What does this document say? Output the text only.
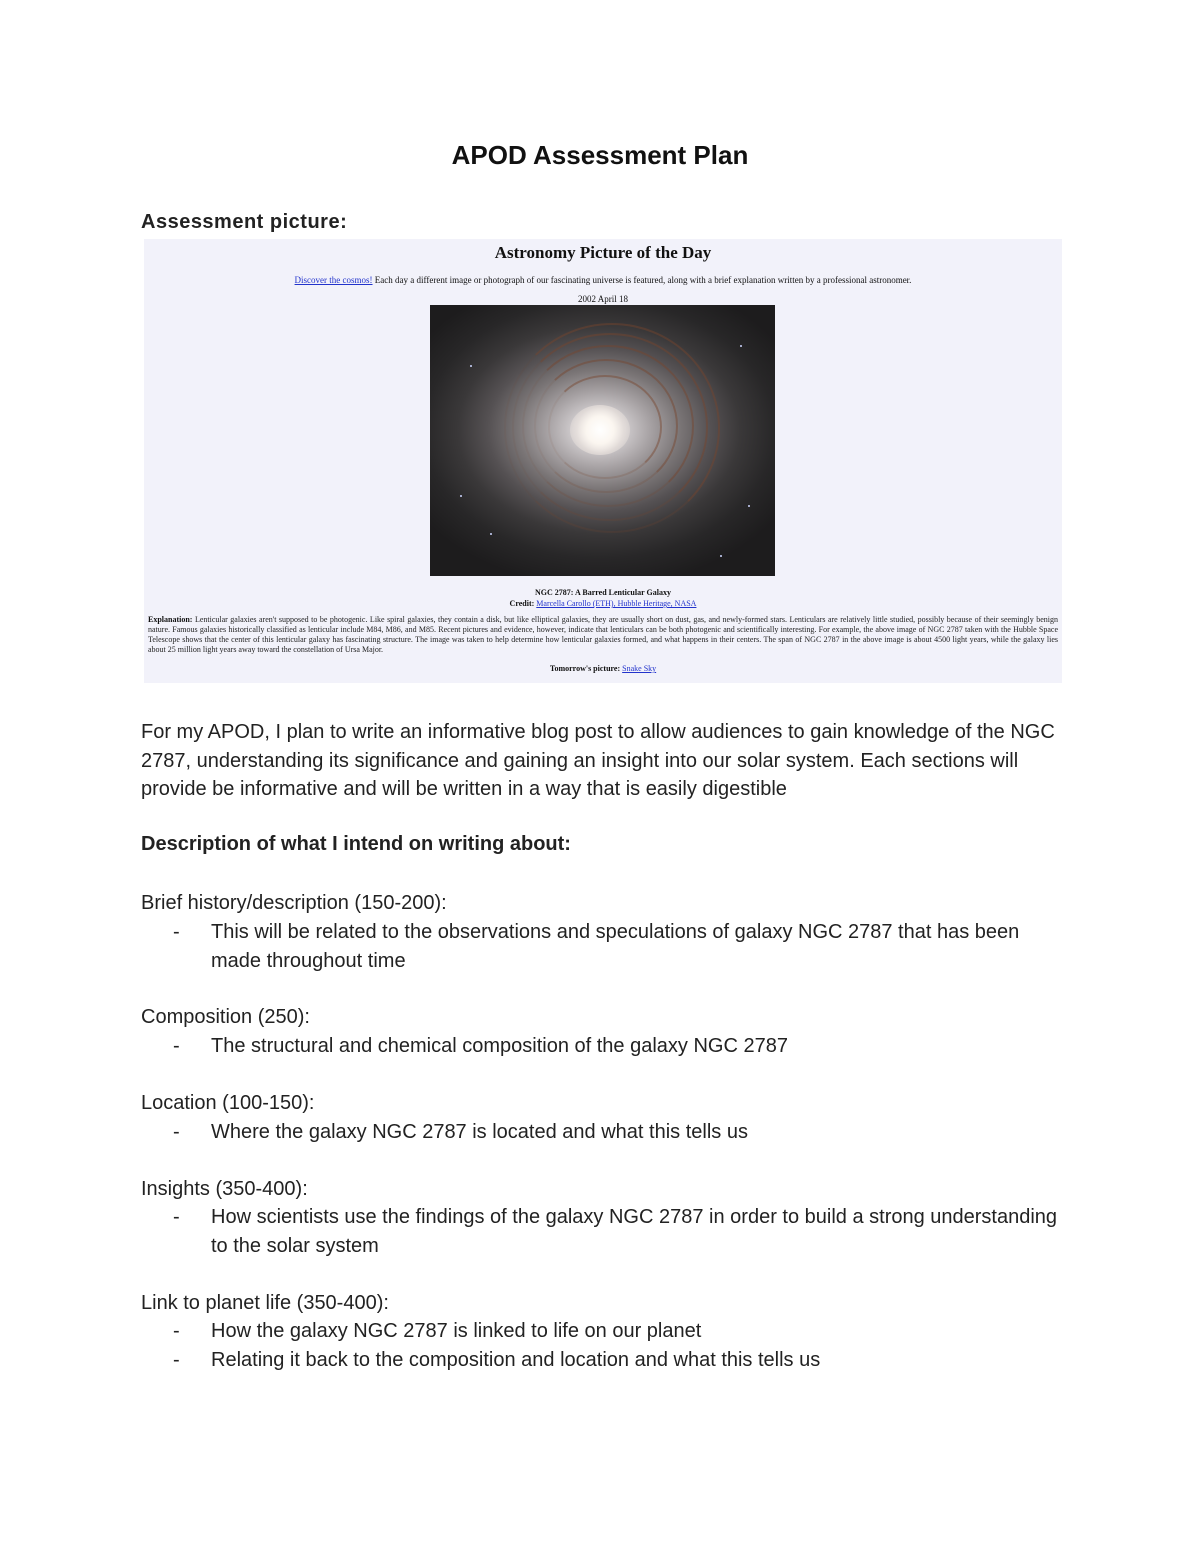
APOD Assessment Plan
Assessment picture:
Astronomy Picture of the Day
Discover the cosmos! Each day a different image or photograph of our fascinating universe is featured, along with a brief explanation written by a professional astronomer.
2002 April 18
NGC 2787: A Barred Lenticular Galaxy
Credit: Marcella Carollo (ETH), Hubble Heritage, NASA
Explanation: Lenticular galaxies aren't supposed to be photogenic. Like spiral galaxies, they contain a disk, but like elliptical galaxies, they are usually short on dust, gas, and newly-formed stars. Lenticulars are relatively little studied, possibly because of their seemingly benign nature. Famous galaxies historically classified as lenticular include M84, M86, and M85. Recent pictures and evidence, however, indicate that lenticulars can be both photogenic and scientifically interesting. For example, the above image of NGC 2787 taken with the Hubble Space Telescope shows that the center of this lenticular galaxy has fascinating structure. The image was taken to help determine how lenticular galaxies formed, and what happens in their centers. The span of NGC 2787 in the above image is about 4500 light years, while the galaxy lies about 25 million light years away toward the constellation of Ursa Major.
Tomorrow's picture: Snake Sky
For my APOD, I plan to write an informative blog post to allow audiences to gain knowledge of the NGC 2787, understanding its significance and gaining an insight into our solar system. Each sections will provide be informative and will be written in a way that is easily digestible
Description of what I intend on writing about:
Brief history/description (150-200):
- This will be related to the observations and speculations of galaxy NGC 2787 that has been made throughout time
Composition (250):
- The structural and chemical composition of the galaxy NGC 2787
Location (100-150):
- Where the galaxy NGC 2787 is located and what this tells us
Insights (350-400):
- How scientists use the findings of the galaxy NGC 2787 in order to build a strong understanding to the solar system
Link to planet life (350-400):
- How the galaxy NGC 2787 is linked to life on our planet
- Relating it back to the composition and location and what this tells us
